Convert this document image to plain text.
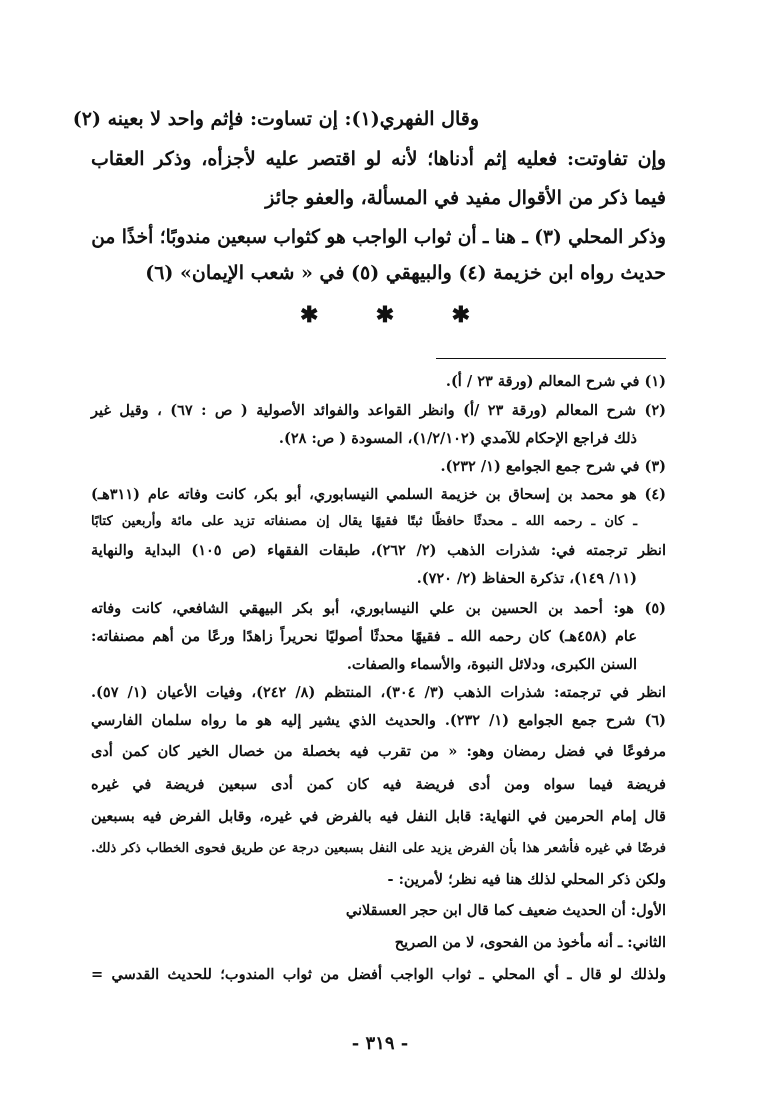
وقال الفهري(١): إن تساوت: فإثم واحد لا بعينه (٢)
وإن تفاوتت: فعليه إثم أدناها؛ لأنه لو اقتصر عليه لأجزأه، وذكر العقاب
فيما ذكر من الأقوال مفيد في المسألة، والعفو جائز
وذكر المحلي (٣) ـ هنا ـ أن ثواب الواجب هو كثواب سبعين مندوبًا؛ أخذًا من
حديث رواه ابن خزيمة (٤) والبيهقي (٥) في « شعب الإيمان» (٦)
✱	✱	✱
(١) في شرح المعالم (ورقة ٢٣ / أ).
(٢) شرح المعالم (ورقة ٢٣ /أ) وانظر القواعد والفوائد الأصولية ( ص : ٦٧) ، وقيل غير
ذلك فراجع الإحكام للآمدي (١/٢/١٠٢)، المسودة ( ص: ٢٨).
(٣) في شرح جمع الجوامع (١/ ٢٣٢).
(٤) هو محمد بن إسحاق بن خزيمة السلمي النيسابوري، أبو بكر، كانت وفاته عام (٣١١هـ)
ـ كان ـ رحمه الله ـ محدثًا حافظًا ثبتًا فقيهًا يقال إن مصنفاته تزيد على مائة وأربعين كتابًا
انظر ترجمته في: شذرات الذهب (٢/ ٢٦٢)، طبقات الفقهاء (ص ١٠٥) البداية والنهاية
(١١/ ١٤٩)، تذكرة الحفاظ (٢/ ٧٢٠).
(٥) هو: أحمد بن الحسين بن علي النيسابوري، أبو بكر البيهقي الشافعي، كانت وفاته
عام (٤٥٨هـ) كان رحمه الله ـ فقيهًا محدثًا أصوليًا نحريراً زاهدًا ورعًا من أهم مصنفاته:
السنن الكبرى، ودلائل النبوة، والأسماء والصفات.
انظر في ترجمته: شذرات الذهب (٣/ ٣٠٤)، المنتظم (٨/ ٢٤٢)، وفيات الأعيان (١/ ٥٧).
(٦) شرح جمع الجوامع (١/ ٢٣٢). والحديث الذي يشير إليه هو ما رواه سلمان الفارسي
مرفوعًا في فضل رمضان وهو: « من تقرب فيه بخصلة من خصال الخير كان كمن أدى
فريضة فيما سواه ومن أدى فريضة فيه كان كمن أدى سبعين فريضة في غيره
قال إمام الحرمين في النهاية: قابل النفل فيه بالفرض في غيره، وقابل الفرض فيه بسبعين
فرضًا في غيره فأشعر هذا بأن الفرض يزيد على النفل بسبعين درجة عن طريق فحوى الخطاب ذكر ذلك.
ولكن ذكر المحلي لذلك هنا فيه نظر؛ لأمرين: -
الأول: أن الحديث ضعيف كما قال ابن حجر العسقلاني
الثاني: ـ أنه مأخوذ من الفحوى، لا من الصريح
ولذلك لو قال ـ أي المحلي ـ ثواب الواجب أفضل من ثواب المندوب؛ للحديث القدسي =
- ٣١٩ -
